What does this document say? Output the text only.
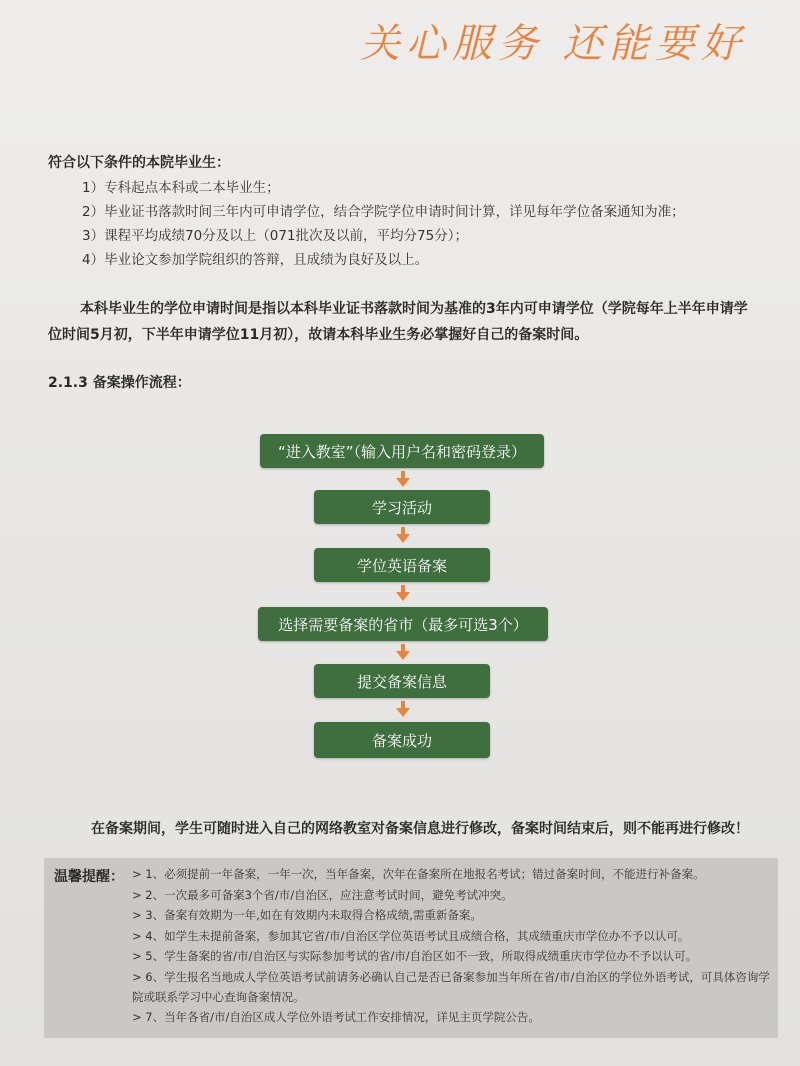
关心服务 还能要好
符合以下条件的本院毕业生：
1）专科起点本科或二本毕业生；
2）毕业证书落款时间三年内可申请学位，结合学院学位申请时间计算，详见每年学位备案通知为准；
3）课程平均成绩70分及以上（071批次及以前，平均分75分）；
4）毕业论文参加学院组织的答辩，且成绩为良好及以上。
本科毕业生的学位申请时间是指以本科毕业证书落款时间为基准的3年内可申请学位（学院每年上半年申请学位时间5月初，下半年申请学位11月初），故请本科毕业生务必掌握好自己的备案时间。
2.1.3 备案操作流程：
“进入教室”（输入用户名和密码登录）
学习活动
学位英语备案
选择需要备案的省市（最多可选3个）
提交备案信息
备案成功
在备案期间，学生可随时进入自己的网络教室对备案信息进行修改，备案时间结束后，则不能再进行修改！
温馨提醒： > 1、必须提前一年备案，一年一次，当年备案，次年在备案所在地报名考试；错过备案时间，不能进行补备案。
> 2、一次最多可备案3个省/市/自治区，应注意考试时间，避免考试冲突。
> 3、备案有效期为一年,如在有效期内未取得合格成绩,需重新备案。
> 4、如学生未提前备案，参加其它省/市/自治区学位英语考试且成绩合格，其成绩重庆市学位办不予以认可。
> 5、学生备案的省/市/自治区与实际参加考试的省/市/自治区如不一致，所取得成绩重庆市学位办不予以认可。
> 6、学生报名当地成人学位英语考试前请务必确认自己是否已备案参加当年所在省/市/自治区的学位外语考试，可具体咨询学院或联系学习中心查询备案情况。
> 7、当年各省/市/自治区成人学位外语考试工作安排情况，详见主页学院公告。
